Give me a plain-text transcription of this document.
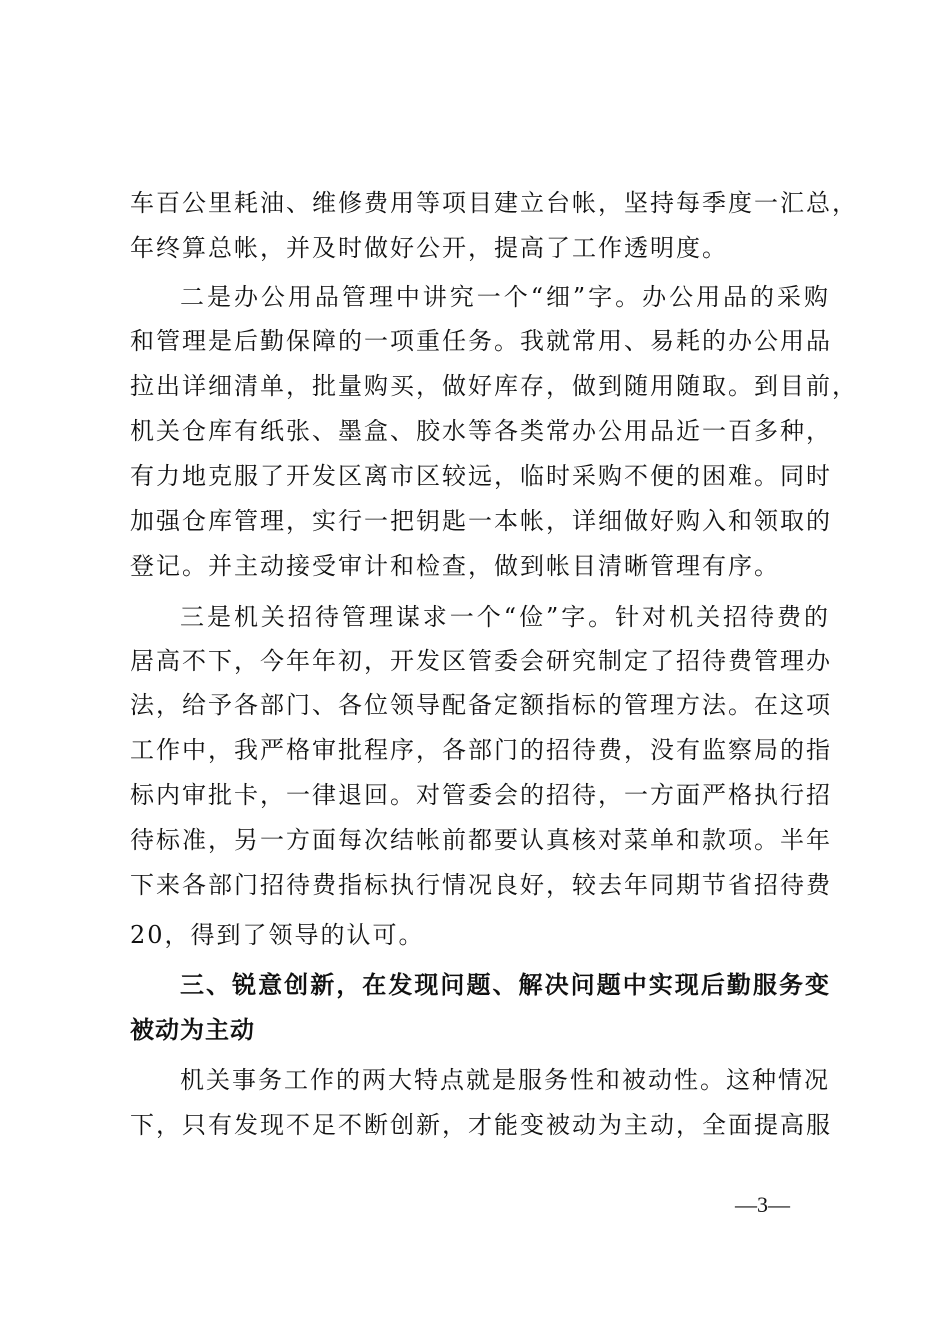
车百公里耗油、维修费用等项目建立台帐，坚持每季度一汇总，
年终算总帐，并及时做好公开，提高了工作透明度。
二是办公用品管理中讲究一个“细”字。办公用品的采购
和管理是后勤保障的一项重任务。我就常用、易耗的办公用品
拉出详细清单，批量购买，做好库存，做到随用随取。到目前，
机关仓库有纸张、墨盒、胶水等各类常办公用品近一百多种，
有力地克服了开发区离市区较远，临时采购不便的困难。同时
加强仓库管理，实行一把钥匙一本帐，详细做好购入和领取的
登记。并主动接受审计和检查，做到帐目清晰管理有序。
三是机关招待管理谋求一个“俭”字。针对机关招待费的
居高不下，今年年初，开发区管委会研究制定了招待费管理办
法，给予各部门、各位领导配备定额指标的管理方法。在这项
工作中，我严格审批程序，各部门的招待费，没有监察局的指
标内审批卡，一律退回。对管委会的招待，一方面严格执行招
待标准，另一方面每次结帐前都要认真核对菜单和款项。半年
下来各部门招待费指标执行情况良好，较去年同期节省招待费
20，得到了领导的认可。
三、锐意创新，在发现问题、解决问题中实现后勤服务变
被动为主动
机关事务工作的两大特点就是服务性和被动性。这种情况
下，只有发现不足不断创新，才能变被动为主动，全面提高服
—3—
